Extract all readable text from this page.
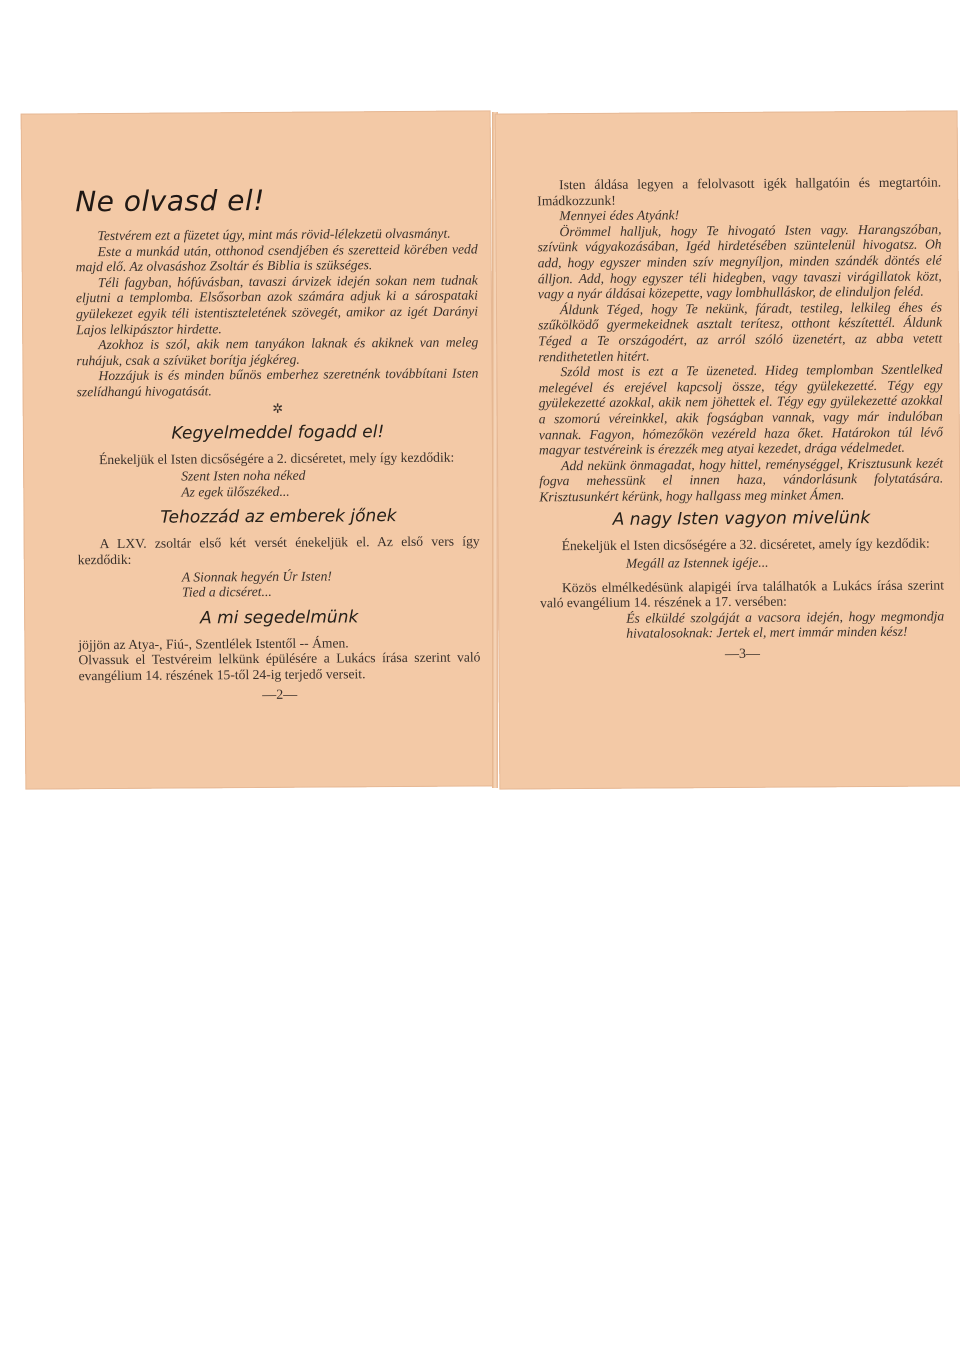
Ne olvasd el!

Testvérem ezt a füzetet úgy, mint más rövid-lélekzetü olvasmányt.

Este a munkád után, otthonod csendjében és szeretteid körében vedd majd elő. Az olvasáshoz Zsoltár és Biblia is szükséges.

Téli fagyban, hófúvásban, tavaszi árvizek idején sokan nem tudnak eljutni a templomba. Elsősorban azok számára adjuk ki a sárospataki gyülekezet egyik téli istentiszteletének szövegét, amikor az igét Darányi Lajos lelkipásztor hirdette.

Azokhoz is szól, akik nem tanyákon laknak és akiknek van meleg ruhájuk, csak a szívüket borítja jégkéreg.

Hozzájuk is és minden bűnös emberhez szeretnénk továbbítani Isten szelídhangú hivogatását.

✲
Kegyelmeddel fogadd el!

Énekeljük el Isten dicsőségére a 2. dicséretet, mely így kezdődik:

Szent Isten noha néked
Az egek ülőszéked...
Tehozzád az emberek jőnek

A LXV. zsoltár első két versét énekeljük el. Az első vers így kezdődik:

A Sionnak hegyén Úr Isten!
Tied a dicséret...
A mi segedelmünk

jöjjön az Atya-, Fiú-, Szentlélek Istentől -- Ámen.

Olvassuk el Testvéreim lelkünk épülésére a Lukács írása szerint való evangélium 14. részének 15-től 24-ig terjedő verseit.

—2—

Isten áldása legyen a felolvasott igék hallgatóin és megtartóin. Imádkozzunk!

Mennyei édes Atyánk!

Örömmel halljuk, hogy Te hivogató Isten vagy. Harangszóban, szívünk vágyakozásában, Igéd hirdetésében szüntelenül hivogatsz. Oh add, hogy egyszer minden szív megnyíljon, minden szándék döntés elé álljon. Add, hogy egyszer téli hidegben, vagy tavaszi virágillatok közt, vagy a nyár áldásai közepette, vagy lombhulláskor, de elinduljon feléd.

Áldunk Téged, hogy Te nekünk, fáradt, testileg, lelkileg éhes és szűkölködő gyermekeidnek asztalt terítesz, otthont készítettél. Áldunk Téged a Te országodért, az arról szóló üzenetért, az abba vetett rendithetetlen hitért.

Szóld most is ezt a Te üzeneted. Hideg templomban Szentlelked melegével és erejével kapcsolj össze, tégy gyülekezetté. Tégy egy gyülekezetté azokkal, akik nem jöhettek el. Tégy egy gyülekezetté azokkal a szomorú véreinkkel, akik fogságban vannak, vagy már indulóban vannak. Fagyon, hómezőkön vezéreld haza őket. Határokon túl lévő magyar testvéreink is érezzék meg atyai kezedet, drága védelmedet.

Add nekünk önmagadat, hogy hittel, reménységgel, Krisztusunk kezét fogva mehessünk el innen haza, vándorlásunk folytatására. Krisztusunkért kérünk, hogy hallgass meg minket Ámen.

A nagy Isten vagyon mivelünk

Énekeljük el Isten dicsőségére a 32. dicséretet, amely így kezdődik:

Megáll az Istennek igéje...

Közös elmélkedésünk alapigéi írva találhatók a Lukács írása szerint való evangélium 14. részének a 17. versében:

És elküldé szolgáját a vacsora idején, hogy megmondja hivatalosoknak: Jertek el, mert immár minden kész!

—3—
